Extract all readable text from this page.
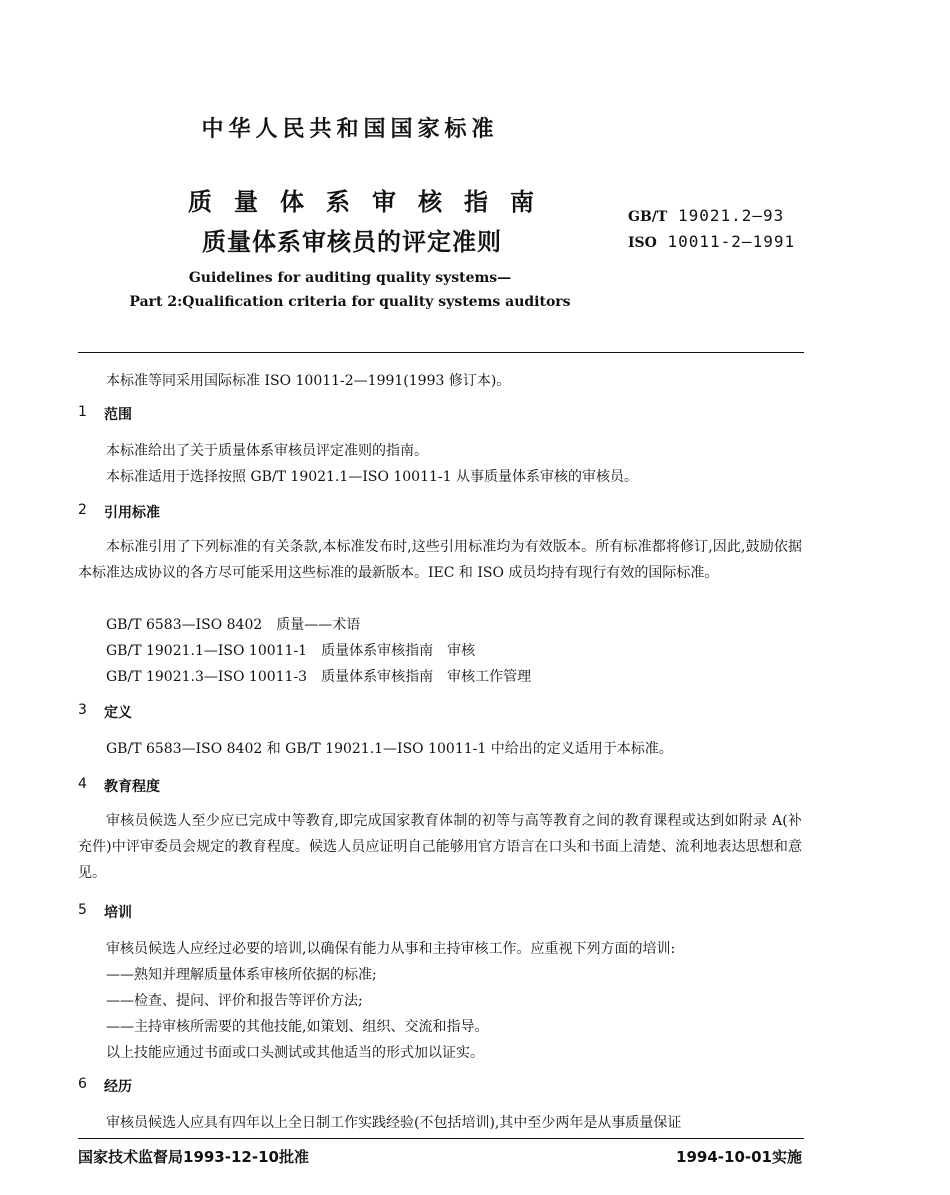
中华人民共和国国家标准
质量体系审核指南
质量体系审核员的评定准则
GB/T 19021.2—93
ISO 10011-2—1991
Guidelines for auditing quality systems—
Part 2:Qualification criteria for quality systems auditors
本标准等同采用国际标准 ISO 10011-2—1991(1993 修订本)。
1 范围
本标准给出了关于质量体系审核员评定准则的指南。
本标准适用于选择按照 GB/T 19021.1—ISO 10011-1 从事质量体系审核的审核员。
2 引用标准
本标准引用了下列标准的有关条款,本标准发布时,这些引用标准均为有效版本。所有标准都将修订,因此,鼓励依据本标准达成协议的各方尽可能采用这些标准的最新版本。IEC 和 ISO 成员均持有现行有效的国际标准。
GB/T 6583—ISO 8402　质量——术语
GB/T 19021.1—ISO 10011-1　质量体系审核指南　审核
GB/T 19021.3—ISO 10011-3　质量体系审核指南　审核工作管理
3 定义
GB/T 6583—ISO 8402 和 GB/T 19021.1—ISO 10011-1 中给出的定义适用于本标准。
4 教育程度
审核员候选人至少应已完成中等教育,即完成国家教育体制的初等与高等教育之间的教育课程或达到如附录 A(补充件)中评审委员会规定的教育程度。候选人员应证明自己能够用官方语言在口头和书面上清楚、流利地表达思想和意见。
5 培训
审核员候选人应经过必要的培训,以确保有能力从事和主持审核工作。应重视下列方面的培训:
——熟知并理解质量体系审核所依据的标准;
——检查、提问、评价和报告等评价方法;
——主持审核所需要的其他技能,如策划、组织、交流和指导。
以上技能应通过书面或口头测试或其他适当的形式加以证实。
6 经历
审核员候选人应具有四年以上全日制工作实践经验(不包括培训),其中至少两年是从事质量保证
国家技术监督局1993-12-10批准	1994-10-01实施
